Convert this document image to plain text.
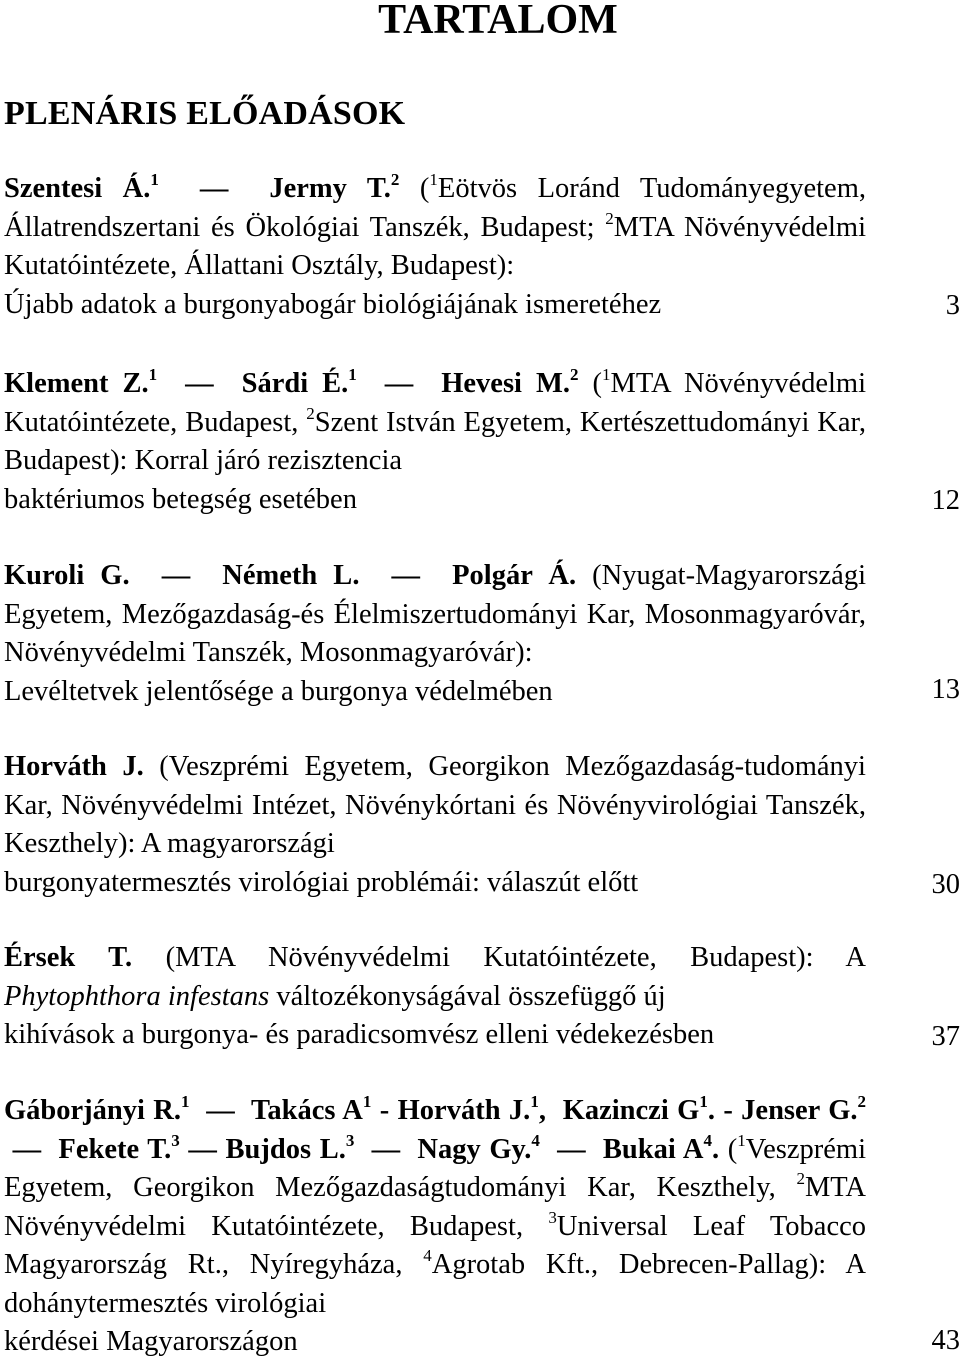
TARTALOM
PLENÁRIS ELŐADÁSOK
Szentesi Á.$^1$  —  Jermy T.$^2$ ($^1$Eötvös Loránd Tudományegyetem, Állatrendszertani és Ökológiai Tanszék, Budapest; $^2$MTA Növényvédelmi Kutatóintézete, Állattani Osztály, Budapest):
Újabb adatok a burgonyabogár biológiájának ismeretéhez	3
Klement Z.$^1$  —  Sárdi É.$^1$  —  Hevesi M.$^2$ ($^1$MTA Növényvédelmi Kutatóintézete, Budapest, $^2$Szent István Egyetem, Kertészettudományi Kar, Budapest): Korral járó rezisztencia
baktériumos betegség esetében	12
Kuroli G.  —  Németh L.  —  Polgár Á. (Nyugat-Magyarországi Egyetem, Mezőgazdaság-és Élelmiszertudományi Kar, Mosonmagyaróvár, Növényvédelmi Tanszék, Mosonmagyaróvár):
Levéltetvek jelentősége a burgonya védelmében	13
Horváth J. (Veszprémi Egyetem, Georgikon Mezőgazdaság-tudományi Kar, Növényvédelmi Intézet, Növénykórtani és Növényvirológiai Tanszék, Keszthely): A magyarországi
burgonyatermesztés virológiai problémái: válaszút előtt	30
Érsek T. (MTA Növényvédelmi Kutatóintézete, Budapest): A Phytophthora infestans változékonyságával összefüggő új
kihívások a burgonya- és paradicsomvész elleni védekezésben	37
Gáborjányi R.$^1$  —  Takács $A^1$ - Horváth J.$^1$,  Kazinczi $G^1$. - Jenser G.$^2$  —  Fekete T.$^3$ — Bujdos L.$^3$  —  Nagy Gy.$^4$  —  Bukai $A^4$. ($^1$Veszprémi Egyetem, Georgikon Mezőgazdaságtudományi Kar, Keszthely, $^2$MTA Növényvédelmi Kutatóintézete, Budapest, $^3$Universal Leaf Tobacco Magyarország Rt., Nyíregyháza, $^4$Agrotab Kft., Debrecen-Pallag): A dohánytermesztés virológiai
kérdései Magyarországon	43
